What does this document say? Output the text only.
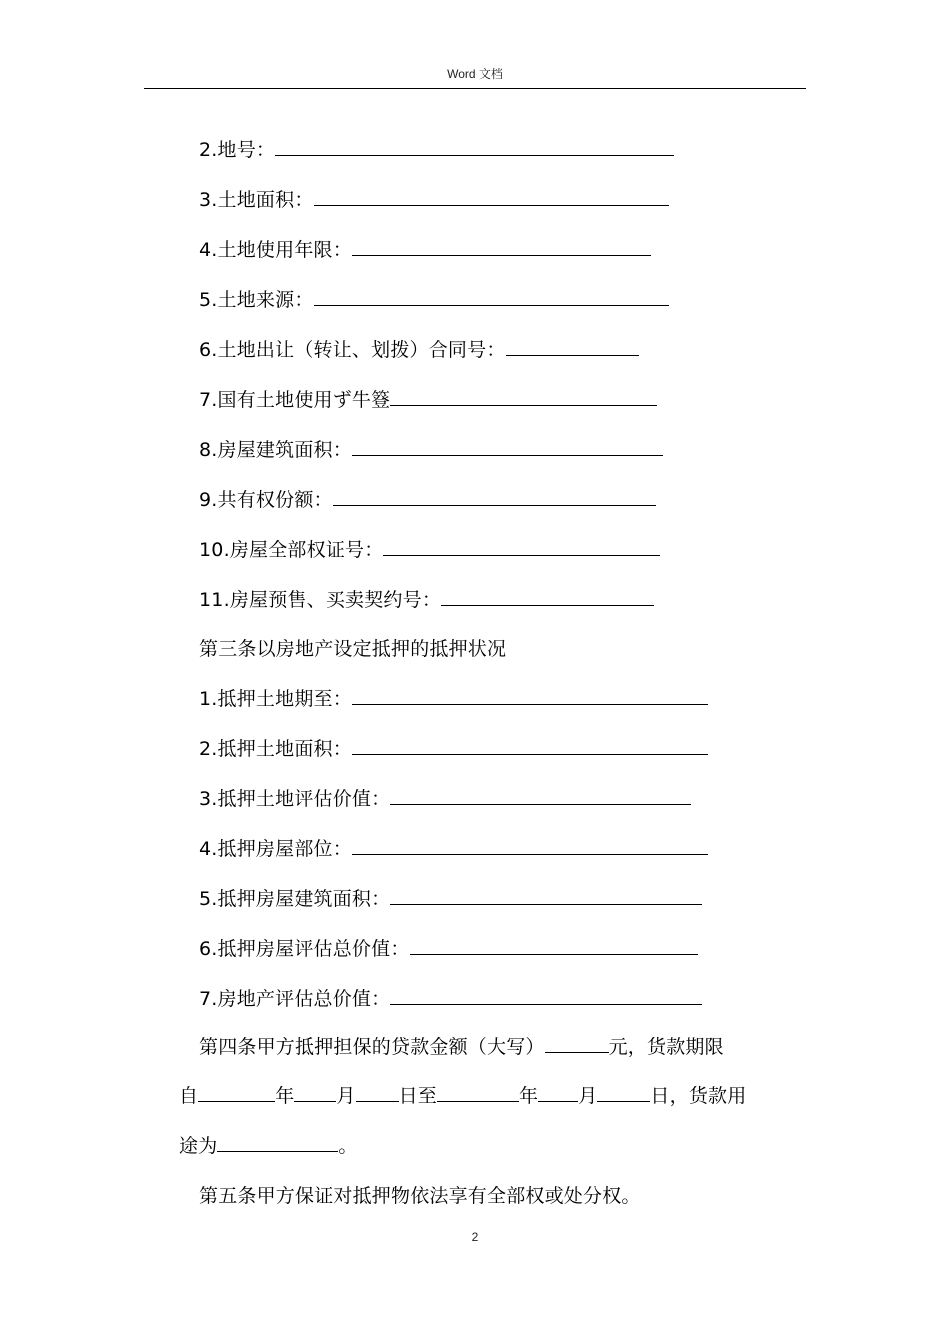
Word 文档
2.地号：
3.土地面积：
4.土地使用年限：
5.土地来源：
6.土地出让（转让、划拨）合同号：
7.国有土地使用ず牛簦
8.房屋建筑面积：
9.共有权份额：
10.房屋全部权证号：
11.房屋预售、买卖契约号：
第三条以房地产设定抵押的抵押状况
1.抵押土地期至：
2.抵押土地面积：
3.抵押土地评估价值：
4.抵押房屋部位：
5.抵押房屋建筑面积：
6.抵押房屋评估总价值：
7.房地产评估总价值：
第四条甲方抵押担保的贷款金额（大写）	元，货款期限
自	年 月 日至	年 月	日，货款用
途为	。
第五条甲方保证对抵押物依法享有全部权或处分权。
2
